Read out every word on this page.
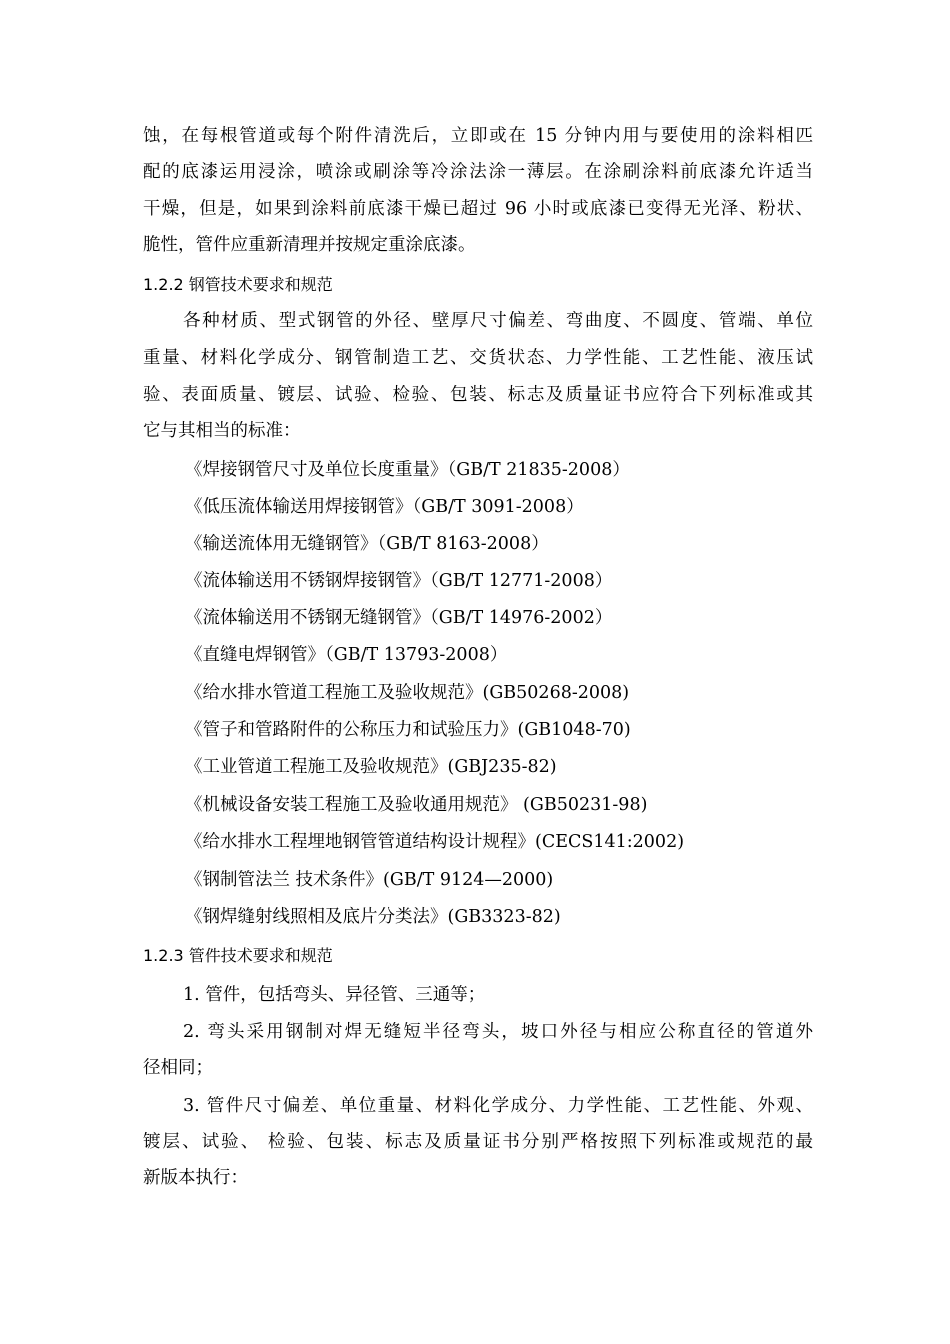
蚀，在每根管道或每个附件清洗后，立即或在 15 分钟内用与要使用的涂料相匹
配的底漆运用浸涂，喷涂或刷涂等冷涂法涂一薄层。在涂刷涂料前底漆允许适当
干燥，但是，如果到涂料前底漆干燥已超过 96 小时或底漆已变得无光泽、粉状、
脆性，管件应重新清理并按规定重涂底漆。
1.2.2 钢管技术要求和规范
各种材质、型式钢管的外径、壁厚尺寸偏差、弯曲度、不圆度、管端、单位
重量、材料化学成分、钢管制造工艺、交货状态、力学性能、工艺性能、液压试
验、表面质量、镀层、试验、检验、包装、标志及质量证书应符合下列标准或其
它与其相当的标准：
《焊接钢管尺寸及单位长度重量》（GB/T 21835-2008）
《低压流体输送用焊接钢管》（GB/T 3091-2008）
《输送流体用无缝钢管》（GB/T 8163-2008）
《流体输送用不锈钢焊接钢管》（GB/T 12771-2008）
《流体输送用不锈钢无缝钢管》（GB/T 14976-2002）
《直缝电焊钢管》（GB/T 13793-2008）
《给水排水管道工程施工及验收规范》(GB50268-2008)
《管子和管路附件的公称压力和试验压力》(GB1048-70)
《工业管道工程施工及验收规范》(GBJ235-82)
《机械设备安装工程施工及验收通用规范》 (GB50231-98)
《给水排水工程埋地钢管管道结构设计规程》(CECS141:2002)
《钢制管法兰 技术条件》(GB/T 9124—2000)
《钢焊缝射线照相及底片分类法》(GB3323-82)
1.2.3 管件技术要求和规范
1. 管件，包括弯头、异径管、三通等；
2. 弯头采用钢制对焊无缝短半径弯头，坡口外径与相应公称直径的管道外
径相同；
3. 管件尺寸偏差、单位重量、材料化学成分、力学性能、工艺性能、外观、
镀层、试验、 检验、包装、标志及质量证书分别严格按照下列标准或规范的最
新版本执行：
